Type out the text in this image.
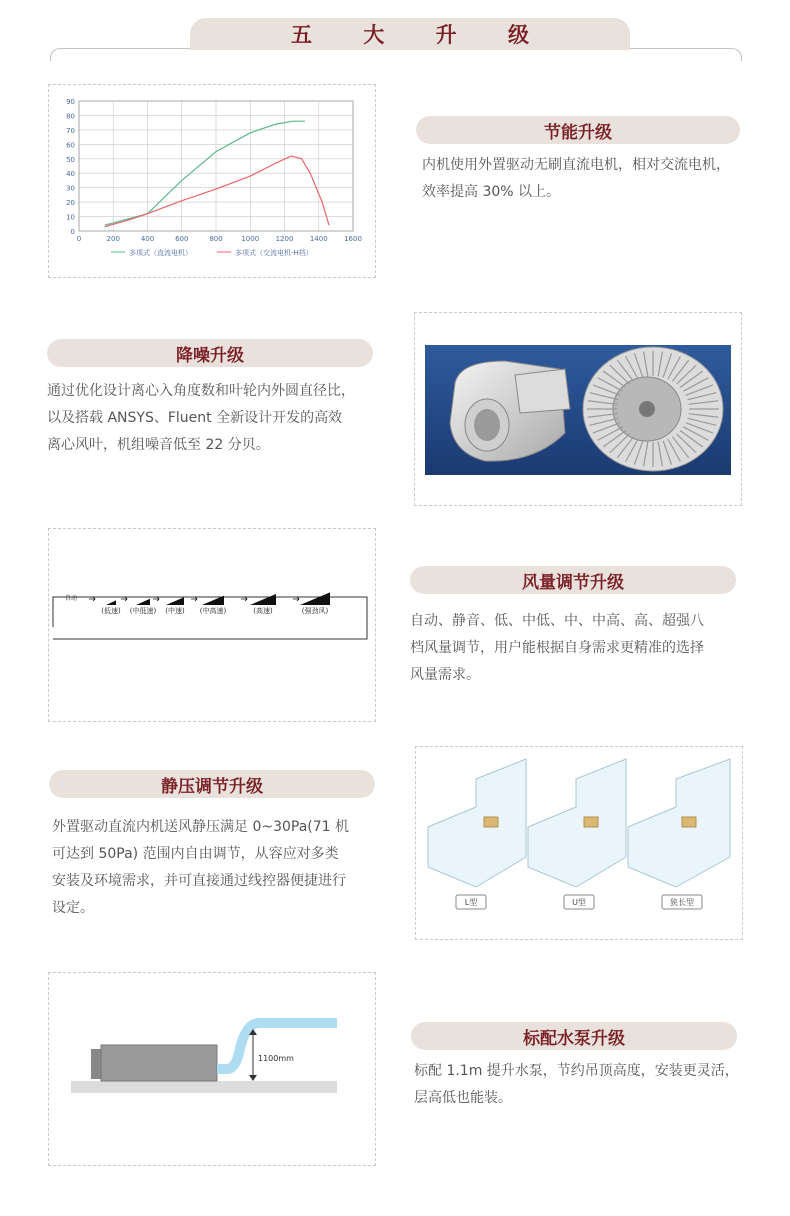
五 大 升 级
0
10
20
30
40
50
60
70
80
90
0	200	400	600	800	1000 1200 1400 1600
多项式（直流电机）	多项式（交流电机-H档）
节能升级
内机使用外置驱动无刷直流电机，相对交流电机，
效率提高 30% 以上。
降噪升级
通过优化设计离心入角度数和叶轮内外圆直径比，
以及搭载 ANSYS、Fluent 全新设计开发的高效
离心风叶，机组噪音低至 22 分贝。
自动
(低速) (中低速) (中速) (中高速)	(高速)	(强劲风)
风量调节升级
自动、静音、低、中低、中、中高、高、超强八
档风量调节，用户能根据自身需求更精准的选择
风量需求。
静压调节升级
外置驱动直流内机送风静压满足 0~30Pa(71 机
可达到 50Pa) 范围内自由调节，从容应对多类
安装及环境需求，并可直接通过线控器便捷进行
设定。	L型	U型	狭长型
1100mm
标配水泵升级
标配 1.1m 提升水泵，节约吊顶高度，安装更灵活，
层高低也能装。
